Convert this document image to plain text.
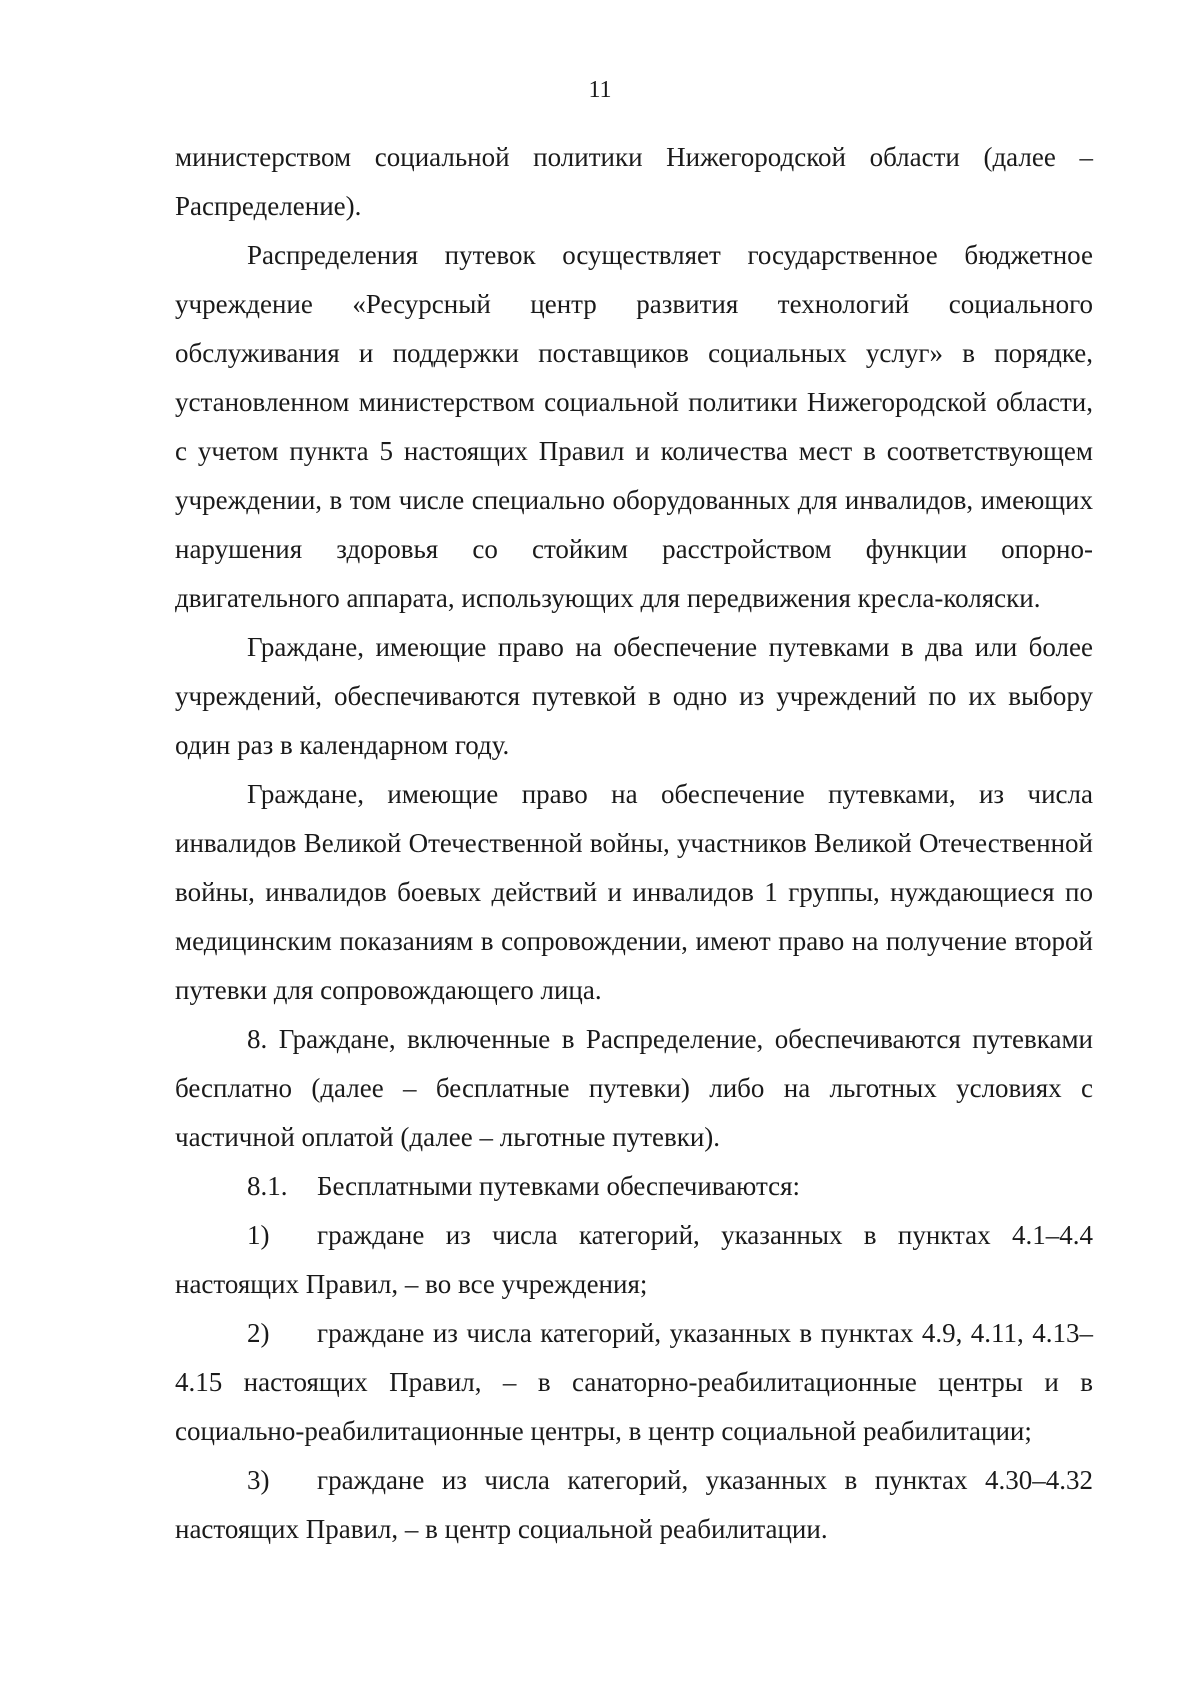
11

министерством социальной политики Нижегородской области (далее – Распределение).

Распределения путевок осуществляет государственное бюджетное учреждение «Ресурсный центр развития технологий социального обслуживания и поддержки поставщиков социальных услуг» в порядке, установленном министерством социальной политики Нижегородской области, с учетом пункта 5 настоящих Правил и количества мест в соответствующем учреждении, в том числе специально оборудованных для инвалидов, имеющих нарушения здоровья со стойким расстройством функции опорно-двигательного аппарата, использующих для передвижения кресла-коляски.

Граждане, имеющие право на обеспечение путевками в два или более учреждений, обеспечиваются путевкой в одно из учреждений по их выбору один раз в календарном году.

Граждане, имеющие право на обеспечение путевками, из числа инвалидов Великой Отечественной войны, участников Великой Отечественной войны, инвалидов боевых действий и инвалидов 1 группы, нуждающиеся по медицинским показаниям в сопровождении, имеют право на получение второй путевки для сопровождающего лица.

8. Граждане, включенные в Распределение, обеспечиваются путевками бесплатно (далее – бесплатные путевки) либо на льготных условиях с частичной оплатой (далее – льготные путевки).

8.1. Бесплатными путевками обеспечиваются:

1) граждане из числа категорий, указанных в пунктах 4.1–4.4 настоящих Правил, – во все учреждения;

2) граждане из числа категорий, указанных в пунктах 4.9, 4.11, 4.13–4.15 настоящих Правил, – в санаторно-реабилитационные центры и в социально-реабилитационные центры, в центр социальной реабилитации;

3) граждане из числа категорий, указанных в пунктах 4.30–4.32 настоящих Правил, – в центр социальной реабилитации.
